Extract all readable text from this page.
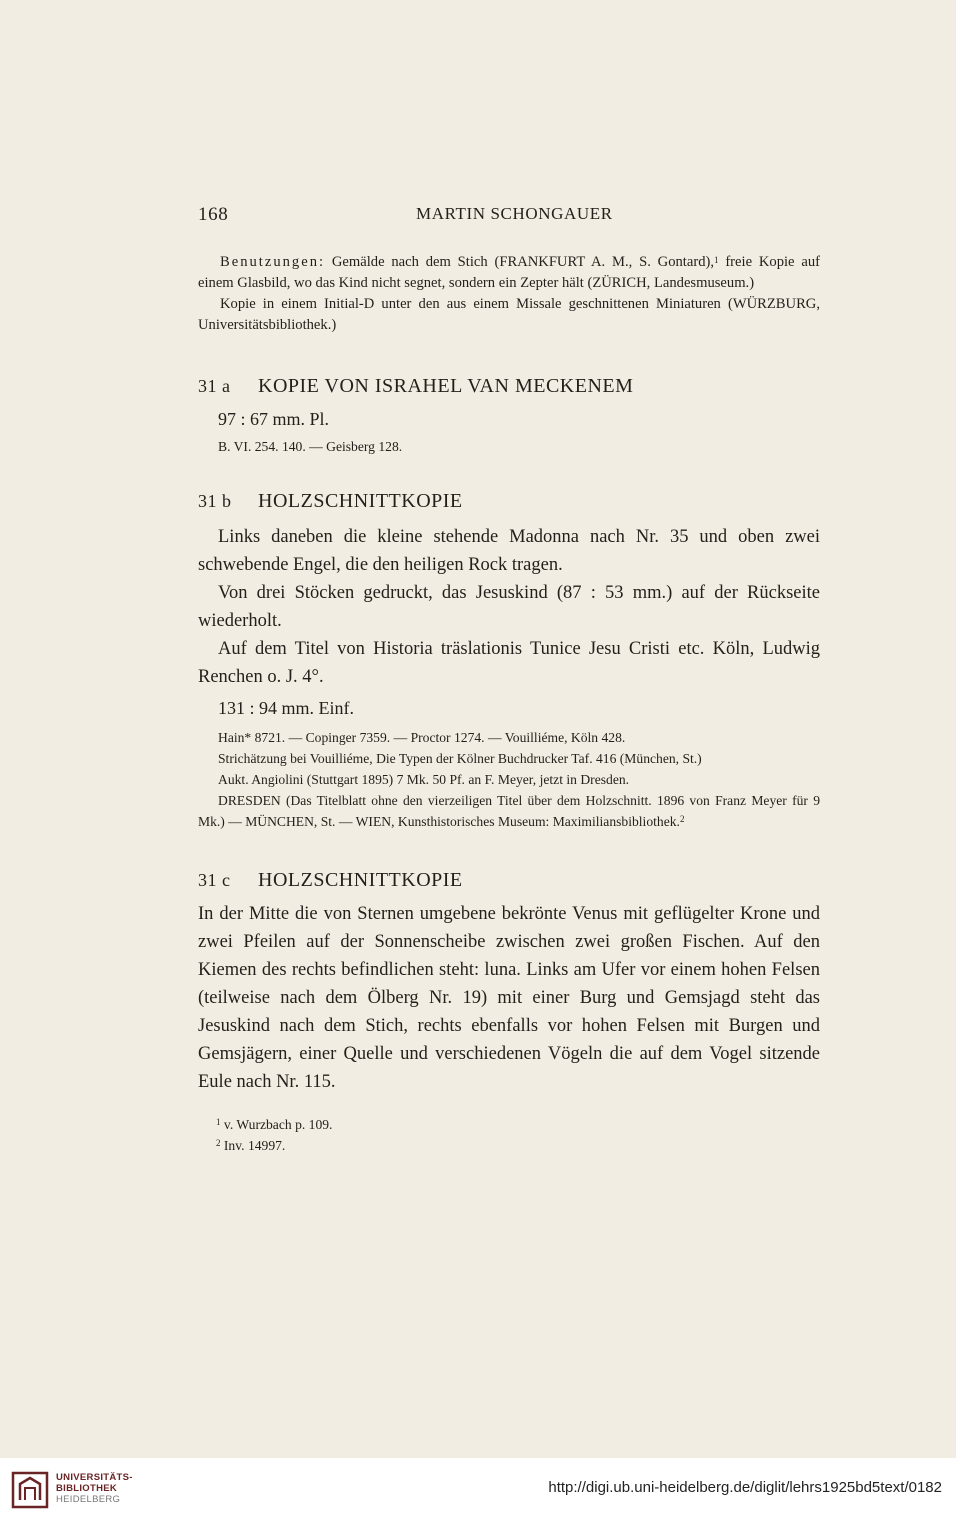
168	MARTIN SCHONGAUER

Benutzungen: Gemälde nach dem Stich (FRANKFURT A. M., S. Gontard),$^1$ freie Kopie auf einem Glasbild, wo das Kind nicht segnet, sondern ein Zepter hält (ZÜRICH, Landesmuseum.)

Kopie in einem Initial-D unter den aus einem Missale geschnittenen Miniaturen (WÜRZBURG, Universitätsbibliothek.)

31 a KOPIE VON ISRAHEL VAN MECKENEM

97 : 67 mm. Pl.

B. VI. 254. 140. — Geisberg 128.

31 b HOLZSCHNITTKOPIE

Links daneben die kleine stehende Madonna nach Nr. 35 und oben zwei schwebende Engel, die den heiligen Rock tragen.

Von drei Stöcken gedruckt, das Jesuskind (87 : 53 mm.) auf der Rückseite wiederholt.

Auf dem Titel von Historia träslationis Tunice Jesu Cristi etc. Köln, Ludwig Renchen o. J. 4°.

131 : 94 mm. Einf.

Hain* 8721. — Copinger 7359. — Proctor 1274. — Vouilliéme, Köln 428.

Strichätzung bei Vouilliéme, Die Typen der Kölner Buchdrucker Taf. 416 (München, St.)

Aukt. Angiolini (Stuttgart 1895) 7 Mk. 50 Pf. an F. Meyer, jetzt in Dresden.

DRESDEN (Das Titelblatt ohne den vierzeiligen Titel über dem Holzschnitt. 1896 von Franz Meyer für 9 Mk.) — MÜNCHEN, St. — WIEN, Kunsthistorisches Museum: Maximiliansbibliothek.$^2$

31 c HOLZSCHNITTKOPIE

In der Mitte die von Sternen umgebene bekrönte Venus mit geflügelter Krone und zwei Pfeilen auf der Sonnenscheibe zwischen zwei großen Fischen. Auf den Kiemen des rechts befindlichen steht: luna. Links am Ufer vor einem hohen Felsen (teilweise nach dem Ölberg Nr. 19) mit einer Burg und Gemsjagd steht das Jesuskind nach dem Stich, rechts ebenfalls vor hohen Felsen mit Burgen und Gemsjägern, einer Quelle und verschiedenen Vögeln die auf dem Vogel sitzende Eule nach Nr. 115.

$^1$ v. Wurzbach p. 109.

$^2$ Inv. 14997.

UNIVERSITÄTS-
BIBLIOTHEK
HEIDELBERG
http://digi.ub.uni-heidelberg.de/diglit/lehrs1925bd5text/0182
